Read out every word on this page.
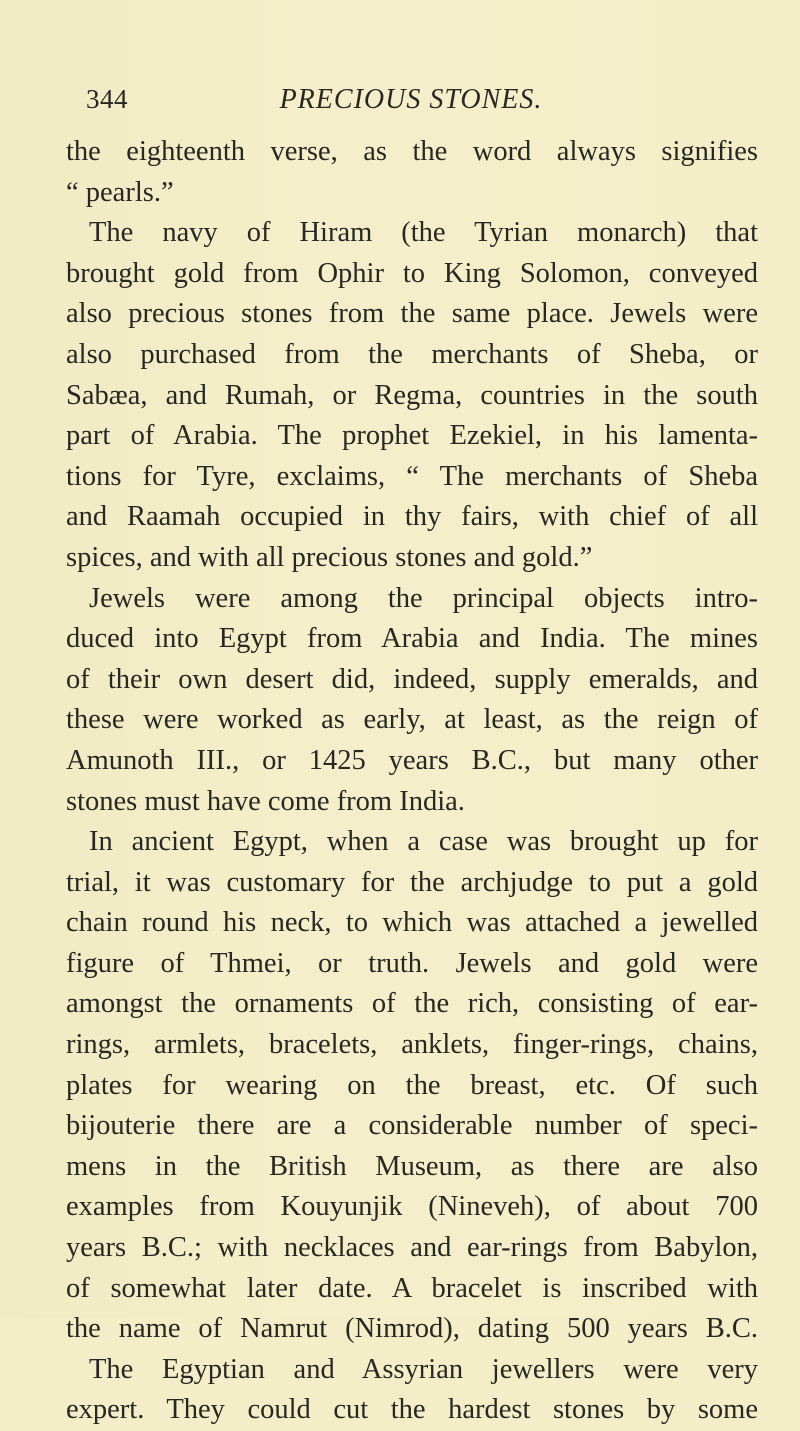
344	PRECIOUS STONES.
the eighteenth verse, as the word always signifies
“ pearls.”
The navy of Hiram (the Tyrian monarch) that
brought gold from Ophir to King Solomon, conveyed
also precious stones from the same place. Jewels were
also purchased from the merchants of Sheba, or
Sabæa, and Rumah, or Regma, countries in the south
part of Arabia. The prophet Ezekiel, in his lamenta-
tions for Tyre, exclaims, “ The merchants of Sheba
and Raamah occupied in thy fairs, with chief of all
spices, and with all precious stones and gold.”
Jewels were among the principal objects intro-
duced into Egypt from Arabia and India. The mines
of their own desert did, indeed, supply emeralds, and
these were worked as early, at least, as the reign of
Amunoth III., or 1425 years B.C., but many other
stones must have come from India.
In ancient Egypt, when a case was brought up for
trial, it was customary for the archjudge to put a gold
chain round his neck, to which was attached a jewelled
figure of Thmei, or truth. Jewels and gold were
amongst the ornaments of the rich, consisting of ear-
rings, armlets, bracelets, anklets, finger-rings, chains,
plates for wearing on the breast, etc. Of such
bijouterie there are a considerable number of speci-
mens in the British Museum, as there are also
examples from Kouyunjik (Nineveh), of about 700
years B.C.; with necklaces and ear-rings from Babylon,
of somewhat later date. A bracelet is inscribed with
the name of Namrut (Nimrod), dating 500 years B.C.
The Egyptian and Assyrian jewellers were very
expert. They could cut the hardest stones by some
